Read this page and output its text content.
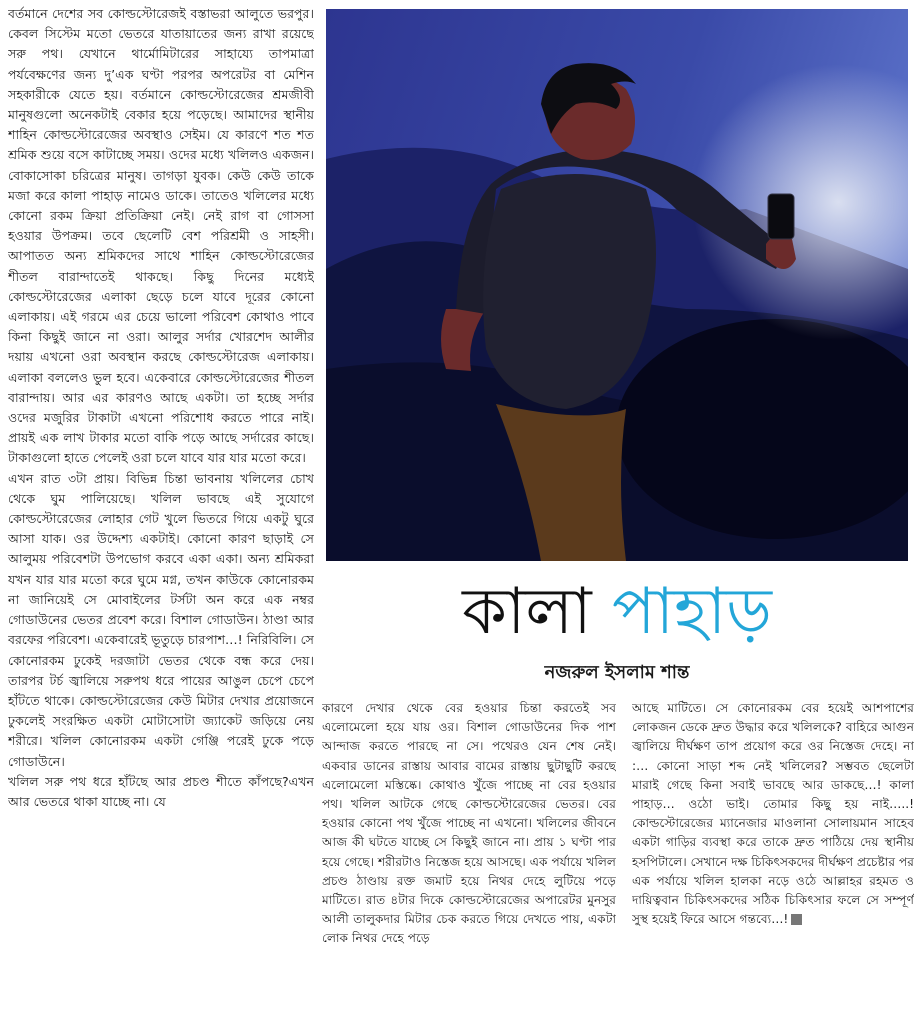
বর্তমানে দেশের সব কোল্ডস্টোরেজই বস্তাভরা আলুতে ভরপুর। কেবল সিস্টেম মতো ভেতরে যাতায়াতের জন্য রাখা রয়েছে সরু পথ। যেখানে থার্মোমিটারের সাহায্যে তাপমাত্রা পর্যবেক্ষণের জন্য দু’এক ঘণ্টা পরপর অপরেটর বা মেশিন সহকারীকে যেতে হয়। বর্তমানে কোল্ডস্টোরেজের শ্রমজীবী মানুষগুলো অনেকটাই বেকার হয়ে পড়েছে। আমাদের স্থানীয় শাহিন কোল্ডস্টোরেজের অবস্থাও সেইম। যে কারণে শত শত শ্রমিক শুয়ে বসে কাটাচ্ছে সময়। ওদের মধ্যে খলিলও একজন। বোকাসোকা চরিত্রের মানুষ। তাগড়া যুবক। কেউ কেউ তাকে মজা করে কালা পাহাড় নামেও ডাকে। তাতেও খলিলের মধ্যে কোনো রকম ক্রিয়া প্রতিক্রিয়া নেই। নেই রাগ বা গোসসা হওয়ার উপক্রম। তবে ছেলেটি বেশ পরিশ্রমী ও সাহসী। আপাতত অন্য শ্রমিকদের সাথে শাহিন কোল্ডস্টোরেজের শীতল বারান্দাতেই থাকছে। কিছু দিনের মধ্যেই কোল্ডস্টোরেজের এলাকা ছেড়ে চলে যাবে দূরের কোনো এলাকায়। এই গরমে এর চেয়ে ভালো পরিবেশ কোথাও পাবে কিনা কিছুই জানে না ওরা। আলুর সর্দার খোরশেদ আলীর দয়ায় এখনো ওরা অবস্থান করছে কোল্ডস্টোরেজ এলাকায়। এলাকা বললেও ভুল হবে। একেবারে কোল্ডস্টোরেজের শীতল বারান্দায়। আর এর কারণও আছে একটা। তা হচ্ছে সর্দার ওদের মজুরির টাকাটা এখনো পরিশোধ করতে পারে নাই। প্রায়ই এক লাখ টাকার মতো বাকি পড়ে আছে সর্দারের কাছে। টাকাগুলো হাতে পেলেই ওরা চলে যাবে যার যার মতো করে।

এখন রাত ৩টা প্রায়। বিভিন্ন চিন্তা ভাবনায় খলিলের চোখ থেকে ঘুম পালিয়েছে। খলিল ভাবছে এই সুযোগে কোল্ডস্টোরেজের লোহার গেট খুলে ভিতরে গিয়ে একটু ঘুরে আসা যাক। ওর উদ্দেশ্য একটাই। কোনো কারণ ছাড়াই সে আলুময় পরিবেশটা উপভোগ করবে একা একা। অন্য শ্রমিকরা যখন যার যার মতো করে ঘুমে মগ্ন, তখন কাউকে কোনোরকম না জানিয়েই সে মোবাইলের টর্সটা অন করে এক নম্বর গোডাউনের ভেতর প্রবেশ করে। বিশাল গোডাউন। ঠাণ্ডা আর বরফের পরিবেশ। একেবারেই ভূতুড়ে চারপাশ…! নিরিবিলি। সে কোনোরকম ঢুকেই দরজাটা ভেতর থেকে বন্ধ করে দেয়। তারপর টর্চ জ্বালিয়ে সরুপথ ধরে পায়ের আঙুল চেপে চেপে হাঁটতে থাকে। কোল্ডস্টোরেজের কেউ মিটার দেখার প্রয়োজনে ঢুকলেই সংরক্ষিত একটা মোটাসোটা জ্যাকেট জড়িয়ে নেয় শরীরে। খলিল কোনোরকম একটা গেঞ্জি পরেই ঢুকে পড়ে গোডাউনে।

খলিল সরু পথ ধরে হাঁটছে আর প্রচণ্ড শীতে কাঁপছে?এখন আর ভেতরে থাকা যাচ্ছে না। যে

কালা পাহাড়
নজরুল ইসলাম শান্ত

কারণে দেখার থেকে বের হওয়ার চিন্তা করতেই সব এলোমেলো হয়ে যায় ওর। বিশাল গোডাউনের দিক পাশ আন্দাজ করতে পারছে না সে। পথেরও যেন শেষ নেই। একবার ডানের রাস্তায় আবার বামের রাস্তায় ছুটাছুটি করছে এলোমেলো মস্তিষ্কে। কোথাও খুঁজে পাচ্ছে না বের হওয়ার পথ। খলিল আটকে গেছে কোল্ডস্টোরেজের ভেতর। বের হওয়ার কোনো পথ খুঁজে পাচ্ছে না এখনো। খলিলের জীবনে আজ কী ঘটতে যাচ্ছে সে কিছুই জানে না। প্রায় ১ ঘণ্টা পার হয়ে গেছে। শরীরটাও নিস্তেজ হয়ে আসছে। এক পর্যায়ে খলিল প্রচণ্ড ঠাণ্ডায় রক্ত জমাট হয়ে নিথর দেহে লুটিয়ে পড়ে মাটিতে। রাত ৪টার দিকে কোল্ডস্টোরেজের অপারেটর মুনসুর আলী তালুকদার মিটার চেক করতে গিয়ে দেখতে পায়, একটা লোক নিথর দেহে পড়ে

আছে মাটিতে। সে কোনোরকম বের হয়েই আশপাশের লোকজন ডেকে দ্রুত উদ্ধার করে খলিলকে? বাহিরে আগুন জ্বালিয়ে দীর্ঘক্ষণ তাপ প্রয়োগ করে ওর নিস্তেজ দেহে। না :… কোনো সাড়া শব্দ নেই খলিলের? সম্ভবত ছেলেটা মারাই গেছে কিনা সবাই ভাবছে আর ডাকছে…! কালা পাহাড়… ওঠো ভাই। তোমার কিছু হয় নাই…..! কোল্ডস্টোরেজের ম্যানেজার মাওলানা সোলায়মান সাহেব একটা গাড়ির ব্যবস্থা করে তাকে দ্রুত পাঠিয়ে দেয় স্থানীয় হসপিটালে। সেখানে দক্ষ চিকিৎসকদের দীর্ঘক্ষণ প্রচেষ্টার পর এক পর্যায়ে খলিল হালকা নড়ে ওঠে আল্লাহর রহমত ও দায়িত্ববান চিকিৎসকদের সঠিক চিকিৎসার ফলে সে সম্পূর্ণ সুস্থ হয়েই ফিরে আসে গন্তব্যে…!
